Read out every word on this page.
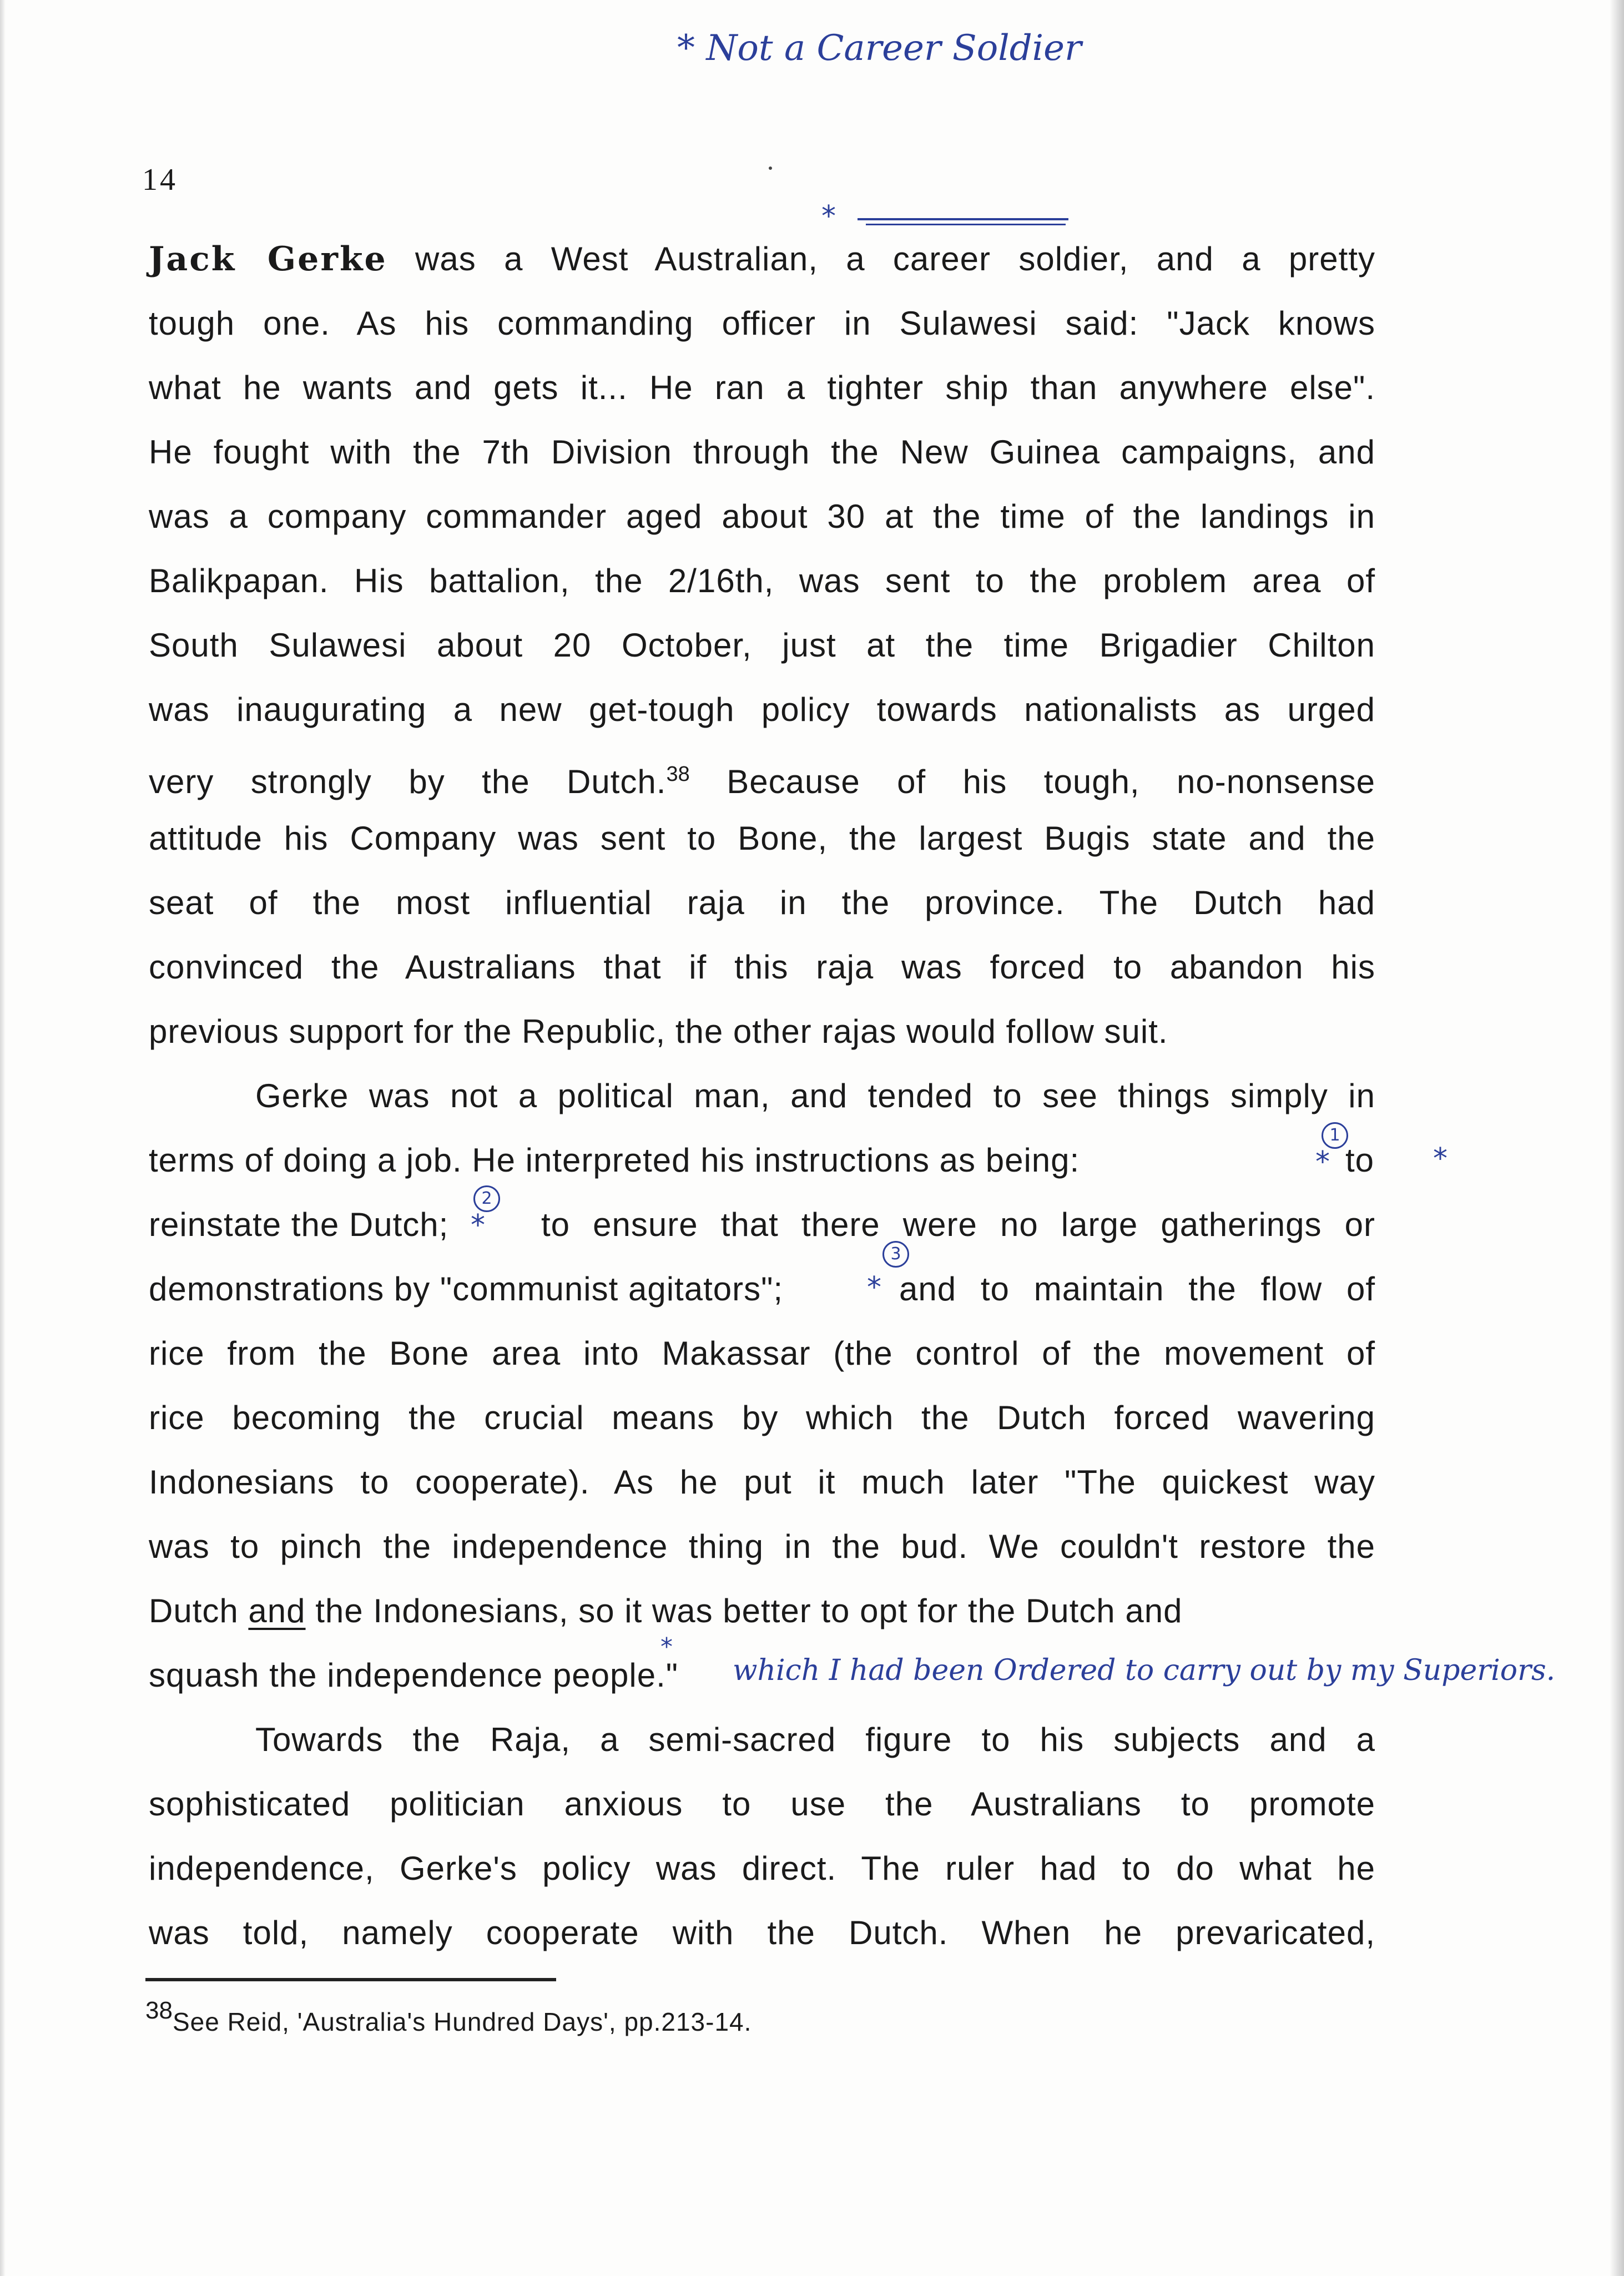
* Not a Career Soldier
14
*
Jack Gerke was a West Australian, a career soldier, and a pretty
tough one. As his commanding officer in Sulawesi said: "Jack knows
what he wants and gets it... He ran a tighter ship than anywhere else".
He fought with the 7th Division through the New Guinea campaigns, and
was a company commander aged about 30 at the time of the landings in
Balikpapan. His battalion, the 2/16th, was sent to the problem area of
South Sulawesi about 20 October, just at the time Brigadier Chilton
was inaugurating a new get-tough policy towards nationalists as urged
very strongly by the Dutch.$^{38}$ Because of his tough, no-nonsense
attitude his Company was sent to Bone, the largest Bugis state and the
seat of the most influential raja in the province. The Dutch had
convinced the Australians that if this raja was forced to abandon his
previous support for the Republic, the other rajas would follow suit.
Gerke was not a political man, and tended to see things simply in
terms of doing a job. He interpreted his instructions as being:
1
* to *
reinstate the Dutch;
2
* to ensure that there were no large gatherings or
demonstrations by "communist agitators";
3
* and to maintain the flow of
rice from the Bone area into Makassar (the control of the movement of
rice becoming the crucial means by which the Dutch forced wavering
Indonesians to cooperate). As he put it much later "The quickest way
was to pinch the independence thing in the bud. We couldn't restore the
Dutch and the Indonesians, so it was better to opt for the Dutch and
squash the independence people."
*
which I had been Ordered to carry out by my Superiors.
Towards the Raja, a semi-sacred figure to his subjects and a
sophisticated politician anxious to use the Australians to promote
independence, Gerke's policy was direct. The ruler had to do what he
was told, namely cooperate with the Dutch. When he prevaricated,
38See Reid, 'Australia's Hundred Days', pp.213-14.
